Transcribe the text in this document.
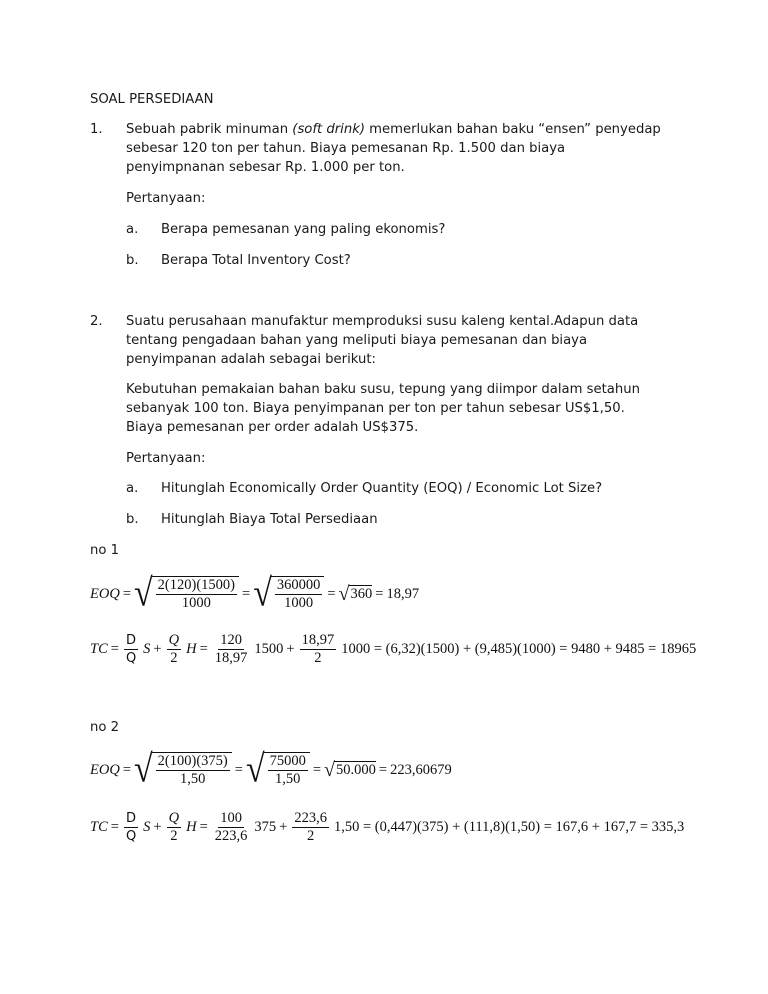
SOAL PERSEDIAAN
1. Sebuah pabrik minuman (soft drink) memerlukan bahan baku “ensen” penyedap
sebesar 120 ton per tahun. Biaya pemesanan Rp. 1.500 dan biaya
penyimpnanan sebesar Rp. 1.000 per ton.
Pertanyaan:
a. Berapa pemesanan yang paling ekonomis?
b. Berapa Total Inventory Cost?
2. Suatu perusahaan manufaktur memproduksi susu kaleng kental.Adapun data
tentang pengadaan bahan yang meliputi biaya pemesanan dan biaya
penyimpanan adalah sebagai berikut:
Kebutuhan pemakaian bahan baku susu, tepung yang diimpor dalam setahun
sebanyak 100 ton. Biaya penyimpanan per ton per tahun sebesar US$1,50.
Biaya pemesanan per order adalah US$375.
Pertanyaan:
a. Hitunglah Economically Order Quantity (EOQ) / Economic Lot Size?
b. Hitunglah Biaya Total Persediaan
no 1
EOQ = √ $\frac{2(120)(1500)}{1000}$ = √ $\frac{360000}{1000}$ = √ 360 = 18,97
TC = $\frac{D}{Q}$ $S + \frac{Q}{2}$ $H = \frac{120}{18,97} 1500 + \frac{18,97}{2} 1000 = (6,32)(1500) + (9,485)(1000) = 9480 + 9485 = 18965$
no 2
EOQ = √ $\frac{2(100)(375)}{1,50}$ = √ $\frac{75000}{1,50}$ = √ 50.000 = 223,60679
TC = $\frac{D}{Q}$ $S + \frac{Q}{2}$ $H = \frac{100}{223,6} 375 + \frac{223,6}{2} 1,50 = (0,447)(375) + (111,8)(1,50) = 167,6 + 167,7 = 335,3$
